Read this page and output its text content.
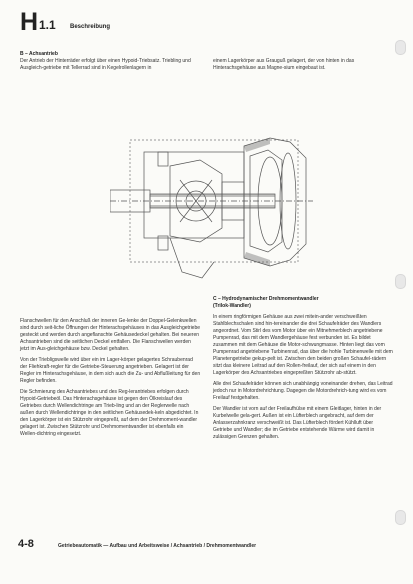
H 1.1 Beschreibung

B – Achsantrieb
Der Antrieb der Hinterräder erfolgt über einen Hypoid-Triebsatz. Triebling und Ausgleich-getriebe mit Tellerrad sind in Kegelrollenlagern in

einem Lagerkörper aus Grauguß gelagert, der von hinten in das Hinterachsgehäuse aus Magne-sium eingebaut ist.

Flanschwellen für den Anschluß der inneren Ge-lenke der Doppel-Gelenkwellen sind durch seit-liche Öffnungen der Hinterachsgehäuses in das Ausgleichgetriebe gesteckt und werden durch angeflanschte Gehäusedeckel gehalten. Bei neueren Achsantrieben sind die seitlichen Deckel entfallen. Die Flanschwellen werden jetzt im Aus-gleichgehäuse bzw. Deckel gehalten.

Von der Triebligswelle wird über ein im Lager-körper gelagertes Schraubenrad der Fliehkraft-regler für die Getriebe-Steuerung angetrieben. Gelagert ist der Regler im Hinterachsgehäuse, in dem sich auch die Zu- und Abflußleitung für den Regler befinden.

Die Schmierung des Achsantriebes und des Reg-lerantriebes erfolgen durch Hypoid-Getriebeöl. Das Hinterachsgehäuse ist gegen den Ölkreislauf des Getriebes durch Wellendichtringe am Trieb-ling und an der Reglerwelle nach außen durch Wellendichtringe in den seitlichen Gehäusedek-keln abgedichtet. In den Lagerkörper ist ein Stützrohr eingepreßt, auf dem der Drehmoment-wandler gelagert ist. Zwischen Stützrohr und Drehmomentwandler ist ebenfalls ein Wellen-dichtring eingesetzt.

C – Hydrodynamischer Drehmomentwandler
(Trilok-Wandler)

In einem ringförmigen Gehäuse aus zwei mitein-ander verschweißten Stahlblechschalen sind hin-tereinander die drei Schaufelräder des Wandlers angeordnet. Vom Stirl des vom Motor über ein Mitnehmerblech angetriebene Pumpenrad, das mit dem Wandlergehäuse fest verbunden ist. Es bildet zusammen mit dem Gehäuse die Motor-schwungmasse. Hinten liegt das vom Pumpenrad angetriebene Turbinenrad, das über die hohle Turbinenwelle mit dem Planetengetriebe gekup-pelt ist. Zwischen den beiden großen Schaufel-rädern sitzt das kleinere Leitrad auf den Rollen-freilauf, der sich auf einem in den Lagerkörper des Achsantriebes eingepreßten Stützrohr ab-stützt.

Alle drei Schaufelräder können sich unabhängig voneinander drehen, das Leitrad jedoch nur in Motordrehrichtung. Dagegen die Motordrehrich-tung wird es vom Freilauf festgehalten.

Der Wandler ist vorn auf der Freilaufhülse mit einem Gleitlager, hinten in der Kurbelwelle gela-gert. Außen ist ein Lüfterblech angebracht, auf dem der Anlasserzahnkranz verschweißt ist. Das Lüfterblech fördert Kühlluft über Getriebe und Wandler; die im Getriebe entstehende Wärme wird damit in zulässigen Grenzen gehalten.

4-8	Getriebeautomatik — Aufbau und Arbeitsweise / Achsantrieb / Drehmomentwandler
